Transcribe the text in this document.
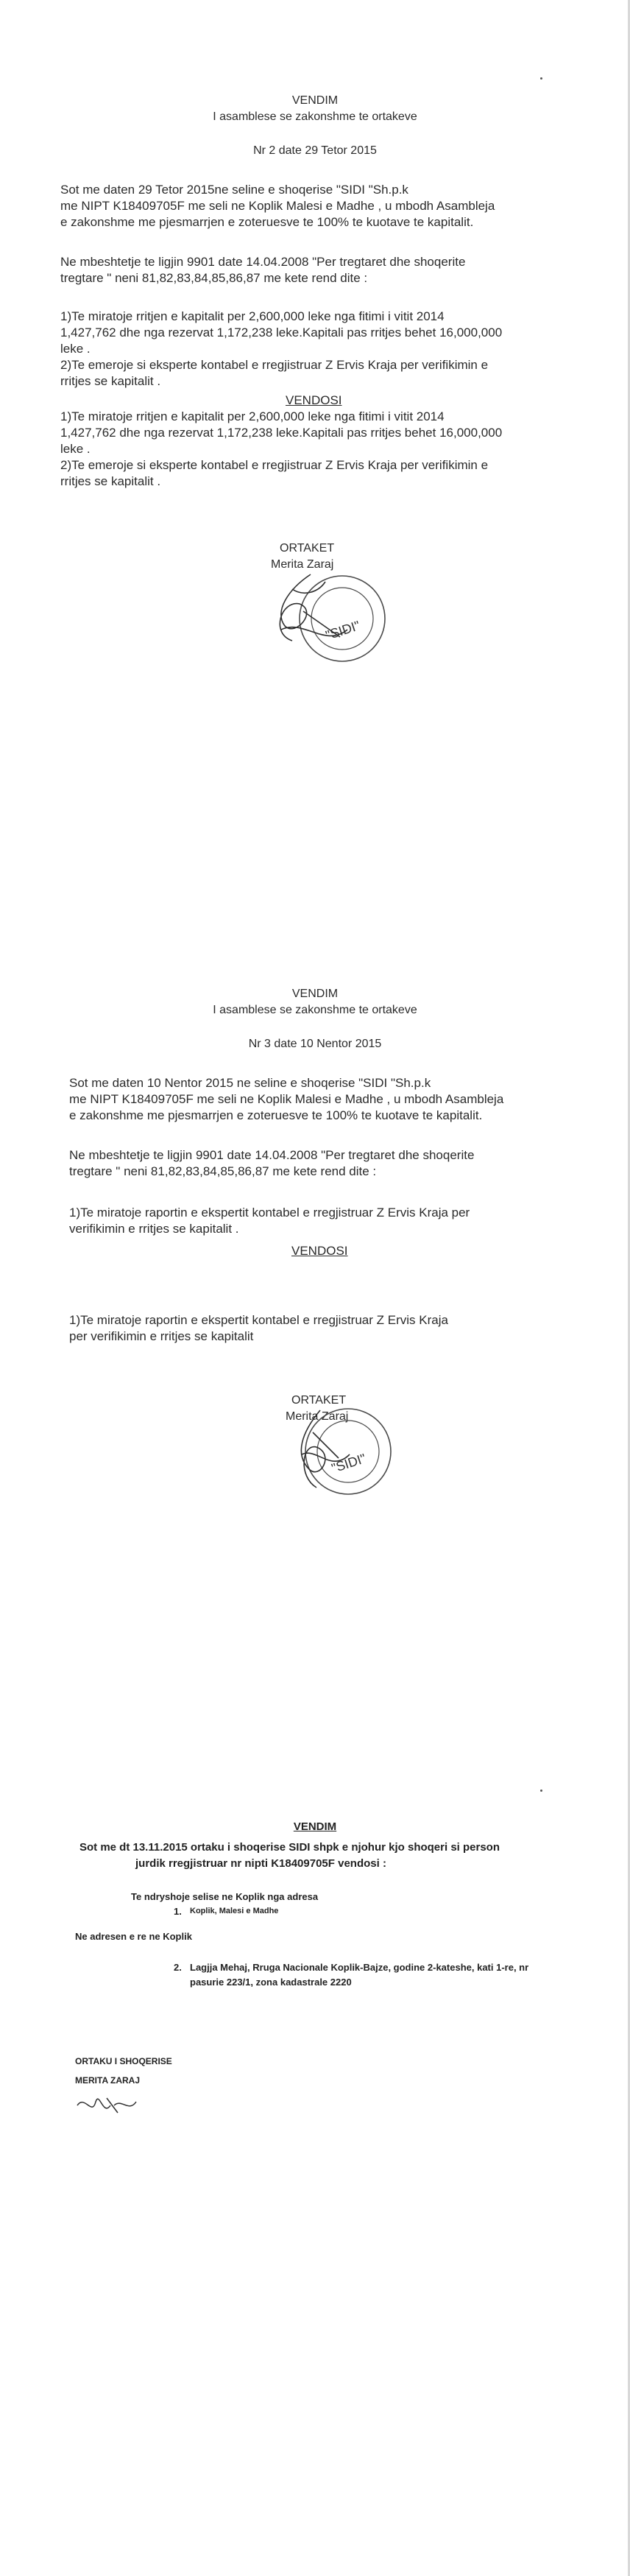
VENDIM
I asamblese se zakonshme te ortakeve
Nr 2 date 29 Tetor 2015
Sot me daten 29 Tetor 2015ne seline e shoqerise "SIDI "Sh.p.k
me NIPT K18409705F me seli ne Koplik Malesi e Madhe , u mbodh Asambleja
e zakonshme me pjesmarrjen e zoteruesve te 100% te kuotave te kapitalit.
Ne mbeshtetje te ligjin 9901 date 14.04.2008 "Per tregtaret dhe shoqerite
tregtare " neni 81,82,83,84,85,86,87 me kete rend dite :
1)Te miratoje rritjen e kapitalit per 2,600,000 leke nga fitimi i vitit 2014
1,427,762 dhe nga rezervat 1,172,238 leke.Kapitali pas rritjes behet 16,000,000
leke .
2)Te emeroje si eksperte kontabel e rregjistruar Z Ervis Kraja per verifikimin e
rritjes se kapitalit .
VENDOSI
1)Te miratoje rritjen e kapitalit per 2,600,000 leke nga fitimi i vitit 2014
1,427,762 dhe nga rezervat 1,172,238 leke.Kapitali pas rritjes behet 16,000,000
leke .
2)Te emeroje si eksperte kontabel e rregjistruar Z Ervis Kraja per verifikimin e
rritjes se kapitalit .
ORTAKET
Merita Zaraj
"SIDI"
VENDIM
I asamblese se zakonshme te ortakeve
Nr 3 date 10 Nentor 2015
Sot me daten 10 Nentor 2015 ne seline e shoqerise "SIDI "Sh.p.k
me NIPT K18409705F me seli ne Koplik Malesi e Madhe , u mbodh Asambleja
e zakonshme me pjesmarrjen e zoteruesve te 100% te kuotave te kapitalit.
Ne mbeshtetje te ligjin 9901 date 14.04.2008 "Per tregtaret dhe shoqerite
tregtare " neni 81,82,83,84,85,86,87 me kete rend dite :
1)Te miratoje raportin e ekspertit kontabel e rregjistruar Z Ervis Kraja per
verifikimin e rritjes se kapitalit .
VENDOSI
1)Te miratoje raportin e ekspertit kontabel e rregjistruar Z Ervis Kraja
per verifikimin e rritjes se kapitalit
ORTAKET
Merita Zaraj
"SIDI"
VENDIM
Sot me dt 13.11.2015 ortaku i shoqerise SIDI shpk e njohur kjo shoqeri si person
jurdik rregjistruar nr nipti K18409705F vendosi :
Te ndryshoje selise ne Koplik nga adresa
1. Koplik, Malesi e Madhe
Ne adresen e re ne Koplik
2. Lagjja Mehaj, Rruga Nacionale Koplik-Bajze, godine 2-kateshe, kati 1-re, nr
pasurie 223/1, zona kadastrale 2220
ORTAKU I SHOQERISE
MERITA ZARAJ
